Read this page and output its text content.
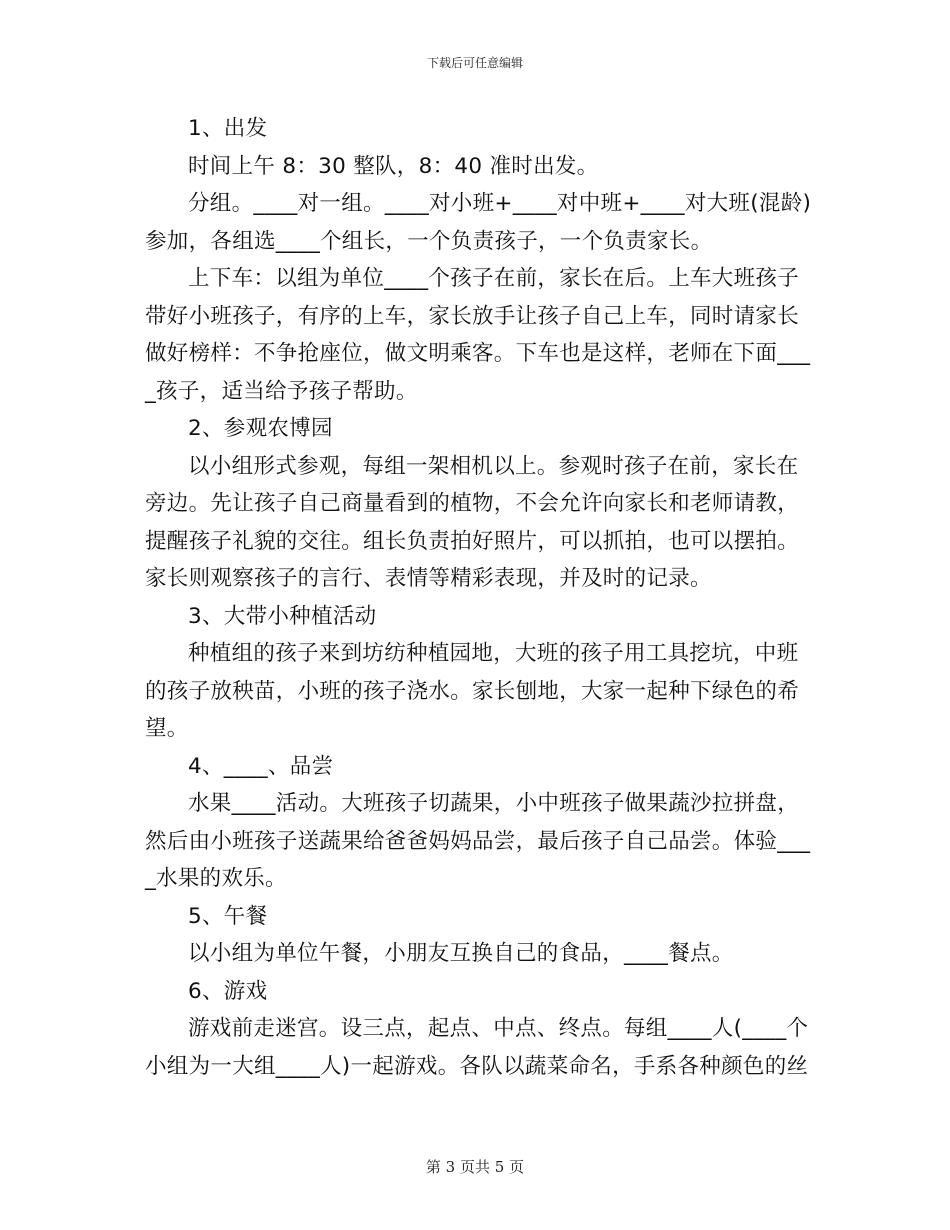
下载后可任意编辑
1、出发
时间上午 8：30 整队，8：40 准时出发。
分组。____对一组。____对小班+____对中班+____对大班(混龄)
参加，各组选____个组长，一个负责孩子，一个负责家长。
上下车：以组为单位____个孩子在前，家长在后。上车大班孩子
带好小班孩子，有序的上车，家长放手让孩子自己上车，同时请家长
做好榜样：不争抢座位，做文明乘客。下车也是这样，老师在下面___
_孩子，适当给予孩子帮助。
2、参观农博园
以小组形式参观，每组一架相机以上。参观时孩子在前，家长在
旁边。先让孩子自己商量看到的植物，不会允许向家长和老师请教，
提醒孩子礼貌的交往。组长负责拍好照片，可以抓拍，也可以摆拍。
家长则观察孩子的言行、表情等精彩表现，并及时的记录。
3、大带小种植活动
种植组的孩子来到坊纺种植园地，大班的孩子用工具挖坑，中班
的孩子放秧苗，小班的孩子浇水。家长刨地，大家一起种下绿色的希
望。
4、____、品尝
水果____活动。大班孩子切蔬果，小中班孩子做果蔬沙拉拼盘，
然后由小班孩子送蔬果给爸爸妈妈品尝，最后孩子自己品尝。体验___
_水果的欢乐。
5、午餐
以小组为单位午餐，小朋友互换自己的食品，____餐点。
6、游戏
游戏前走迷宫。设三点，起点、中点、终点。每组____人(____个
小组为一大组____人)一起游戏。各队以蔬菜命名，手系各种颜色的丝
第 3 页共 5 页
